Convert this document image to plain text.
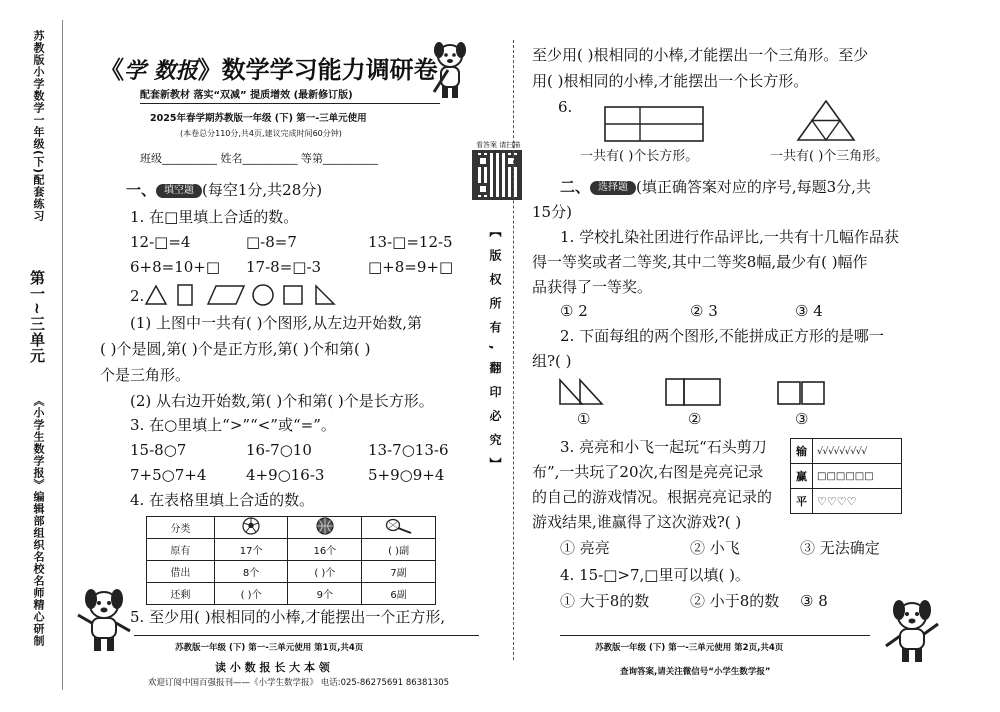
苏教版小学数学一年级(下)配套练习
第一~三单元
《小学生数学报》编辑部组织名校名师精心研制
《学 数报》数学学习能力调研卷
配套新教材 落实“双减” 提质增效 (最新修订版)
2025年春学期苏教版一年级 (下) 第一-三单元使用
(本卷总分110分,共4页,建议完成时间60分钟)
班级__________ 姓名__________ 等第__________
看答案 请扫描
【版权所有,翻印必究】
一、 填空题 (每空1分,共28分)
1. 在□里填上合适的数。
12-□=4	□-8=7	13-□=12-5
6+8=10+□ 17-8=□-3	□+8=9+□
2.
(1) 上图中一共有( )个图形,从左边开始数,第
( )个是圆,第( )个是正方形,第( )个和第( )
个是三角形。
(2) 从右边开始数,第( )个和第( )个是长方形。
3. 在○里填上“>”“<”或“=”。
15-8○7	16-7○10	13-7○13-6
7+5○7+4	4+9○16-3	5+9○9+4
4. 在表格里填上合适的数。
分类			
原有	17个	16个	( )副
借出	8个	( )个	7副
还剩	( )个	9个	6副
5. 至少用( )根相同的小棒,才能摆出一个正方形,
苏教版一年级 (下) 第一-三单元使用 第1页,共4页
读 小 数 报 长 大 本 领
欢迎订阅中国百强报刊——《小学生数学报》 电话:025-86275691 86381305
至少用( )根相同的小棒,才能摆出一个三角形。至少
用( )根相同的小棒,才能摆出一个长方形。
6.
一共有( )个长方形。	一共有( )个三角形。
二、 选择题 (填正确答案对应的序号,每题3分,共
15分)
1. 学校扎染社团进行作品评比,一共有十几幅作品获
得一等奖或者二等奖,其中二等奖8幅,最少有( )幅作
品获得了一等奖。
① 2	② 3	③ 4
2. 下面每组的两个图形,不能拼成正方形的是哪一
组?( )
①	②	③
3. 亮亮和小飞一起玩“石头剪刀
布”,一共玩了20次,右图是亮亮记录
的自己的游戏情况。根据亮亮记录的
游戏结果,谁赢得了这次游戏?( )
输	√√√√√√√√√
赢	□□□□□□
平	♡♡♡♡
① 亮亮	② 小飞	③ 无法确定
4. 15-□>7,□里可以填( )。
① 大于8的数	② 小于8的数 ③ 8
苏教版一年级 (下) 第一-三单元使用 第2页,共4页
查询答案,请关注微信号“小学生数学报”
